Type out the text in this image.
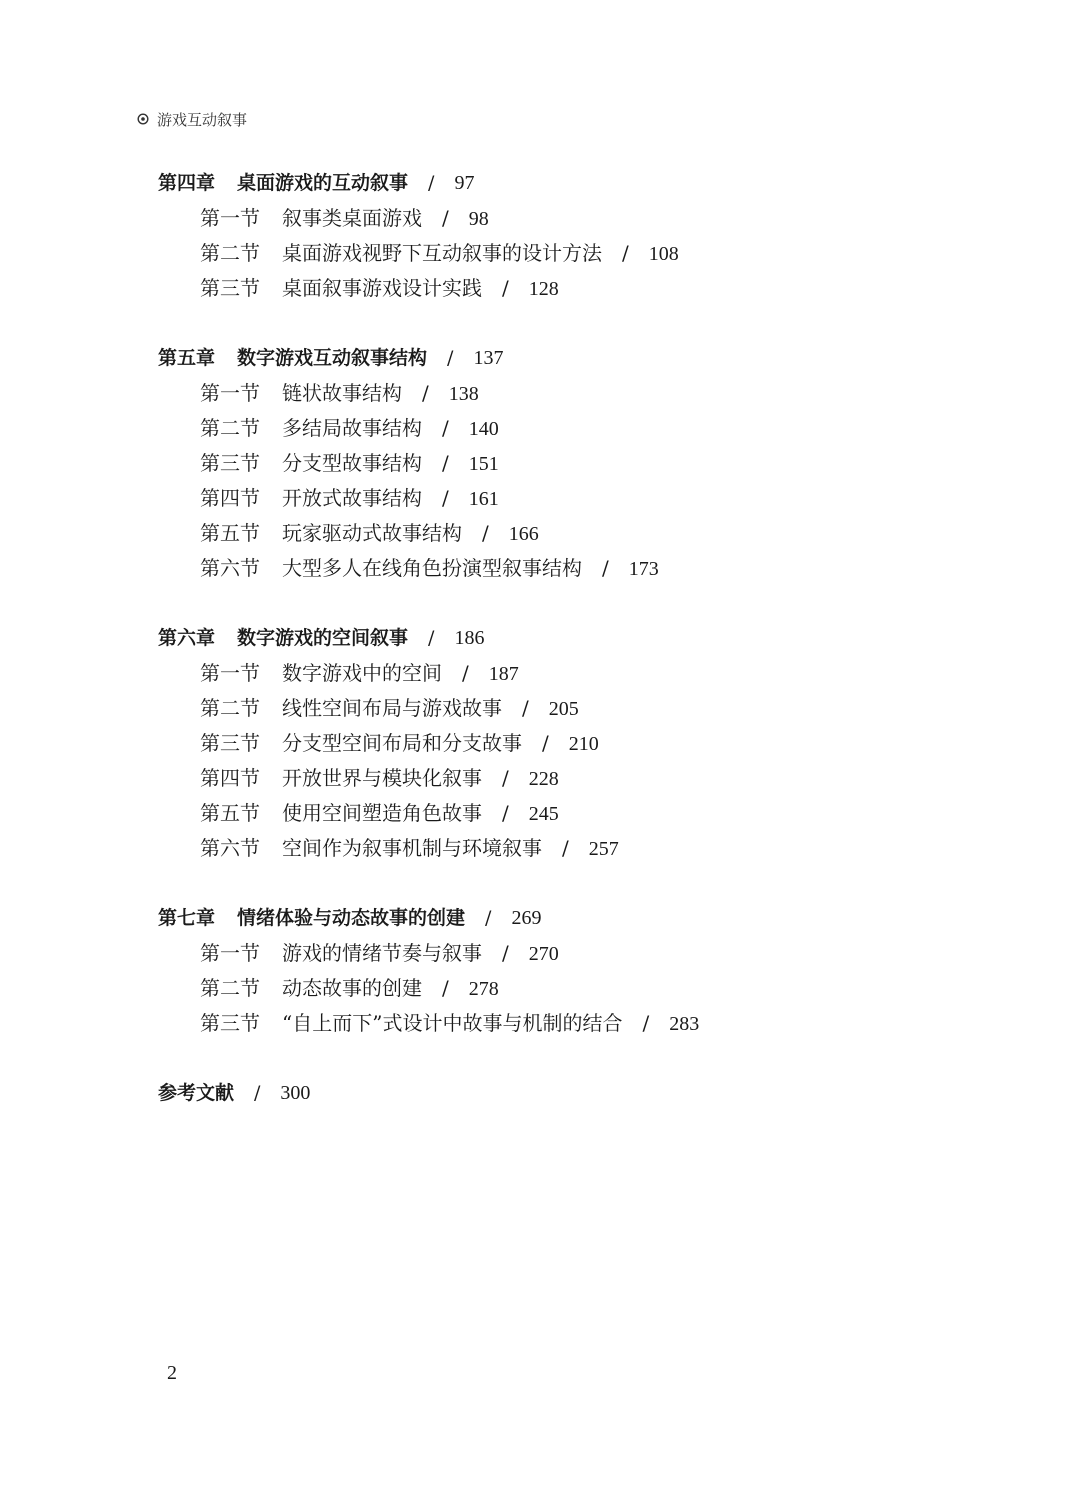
游戏互动叙事
第四章 桌面游戏的互动叙事 / 97
第一节 叙事类桌面游戏 / 98
第二节 桌面游戏视野下互动叙事的设计方法 / 108
第三节 桌面叙事游戏设计实践 / 128
第五章 数字游戏互动叙事结构 / 137
第一节 链状故事结构 / 138
第二节 多结局故事结构 / 140
第三节 分支型故事结构 / 151
第四节 开放式故事结构 / 161
第五节 玩家驱动式故事结构 / 166
第六节 大型多人在线角色扮演型叙事结构 / 173
第六章 数字游戏的空间叙事 / 186
第一节 数字游戏中的空间 / 187
第二节 线性空间布局与游戏故事 / 205
第三节 分支型空间布局和分支故事 / 210
第四节 开放世界与模块化叙事 / 228
第五节 使用空间塑造角色故事 / 245
第六节 空间作为叙事机制与环境叙事 / 257
第七章 情绪体验与动态故事的创建 / 269
第一节 游戏的情绪节奏与叙事 / 270
第二节 动态故事的创建 / 278
第三节 “自上而下”式设计中故事与机制的结合 / 283
参考文献 / 300
2
